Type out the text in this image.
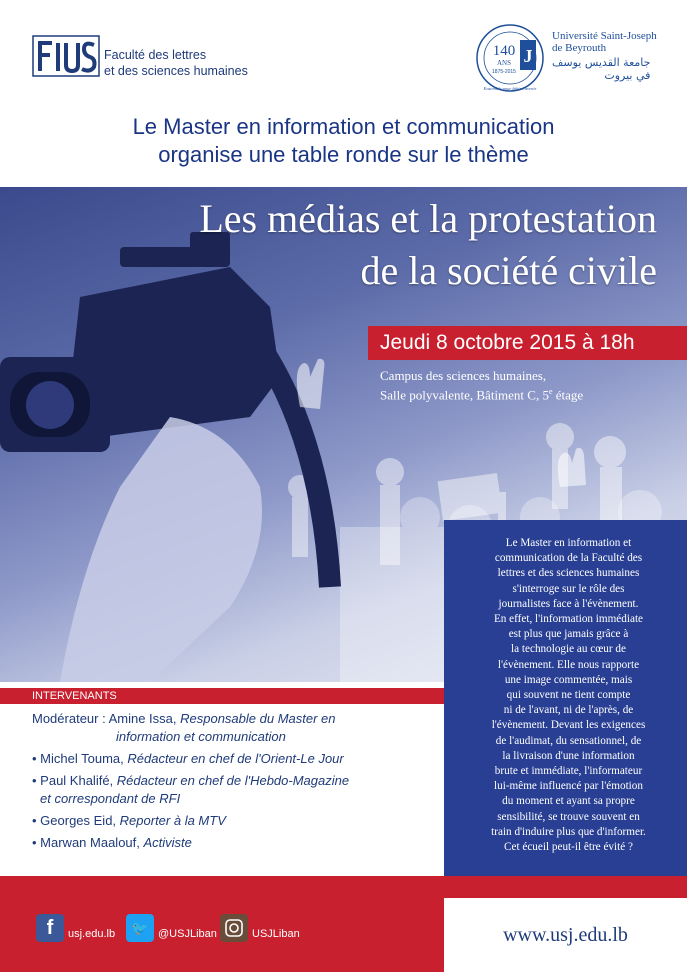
Faculté des lettres
et des sciences humaines
140
ANS
1875-2015
J
Ensemble pour bâtir l'avenir
Université Saint-Joseph
de Beyrouth
جامعة القديس يوسف
في بيروت
Le Master en information et communication
organise une table ronde sur le thème
Les médias et la protestation
de la société civile
Jeudi 8 octobre 2015 à 18h
Campus des sciences humaines,
Salle polyvalente, Bâtiment C, 5e étage

Le Master en information et
communication de la Faculté des
lettres et des sciences humaines
s'interroge sur le rôle des
journalistes face à l'évènement.
En effet, l'information immédiate
est plus que jamais grâce à
la technologie au cœur de
l'évènement. Elle nous rapporte
une image commentée, mais
qui souvent ne tient compte
ni de l'avant, ni de l'après, de
l'évènement. Devant les exigences
de l'audimat, du sensationnel, de
la livraison d'une information
brute et immédiate, l'informateur
lui-même influencé par l'émotion
du moment et ayant sa propre
sensibilité, se trouve souvent en
train d'induire plus que d'informer.
Cet écueil peut-il être évité ?

INTERVENANTS
Modérateur : Amine Issa, Responsable du Master en
information et communication
• Michel Touma, Rédacteur en chef de l'Orient-Le Jour
• Paul Khalifé, Rédacteur en chef de l'Hebdo-Magazine
et correspondant de RFI
• Georges Eid, Reporter à la MTV
• Marwan Maalouf, Activiste
f	usj.edu.lb	🐦 @USJLiban	USJLiban	www.usj.edu.lb
